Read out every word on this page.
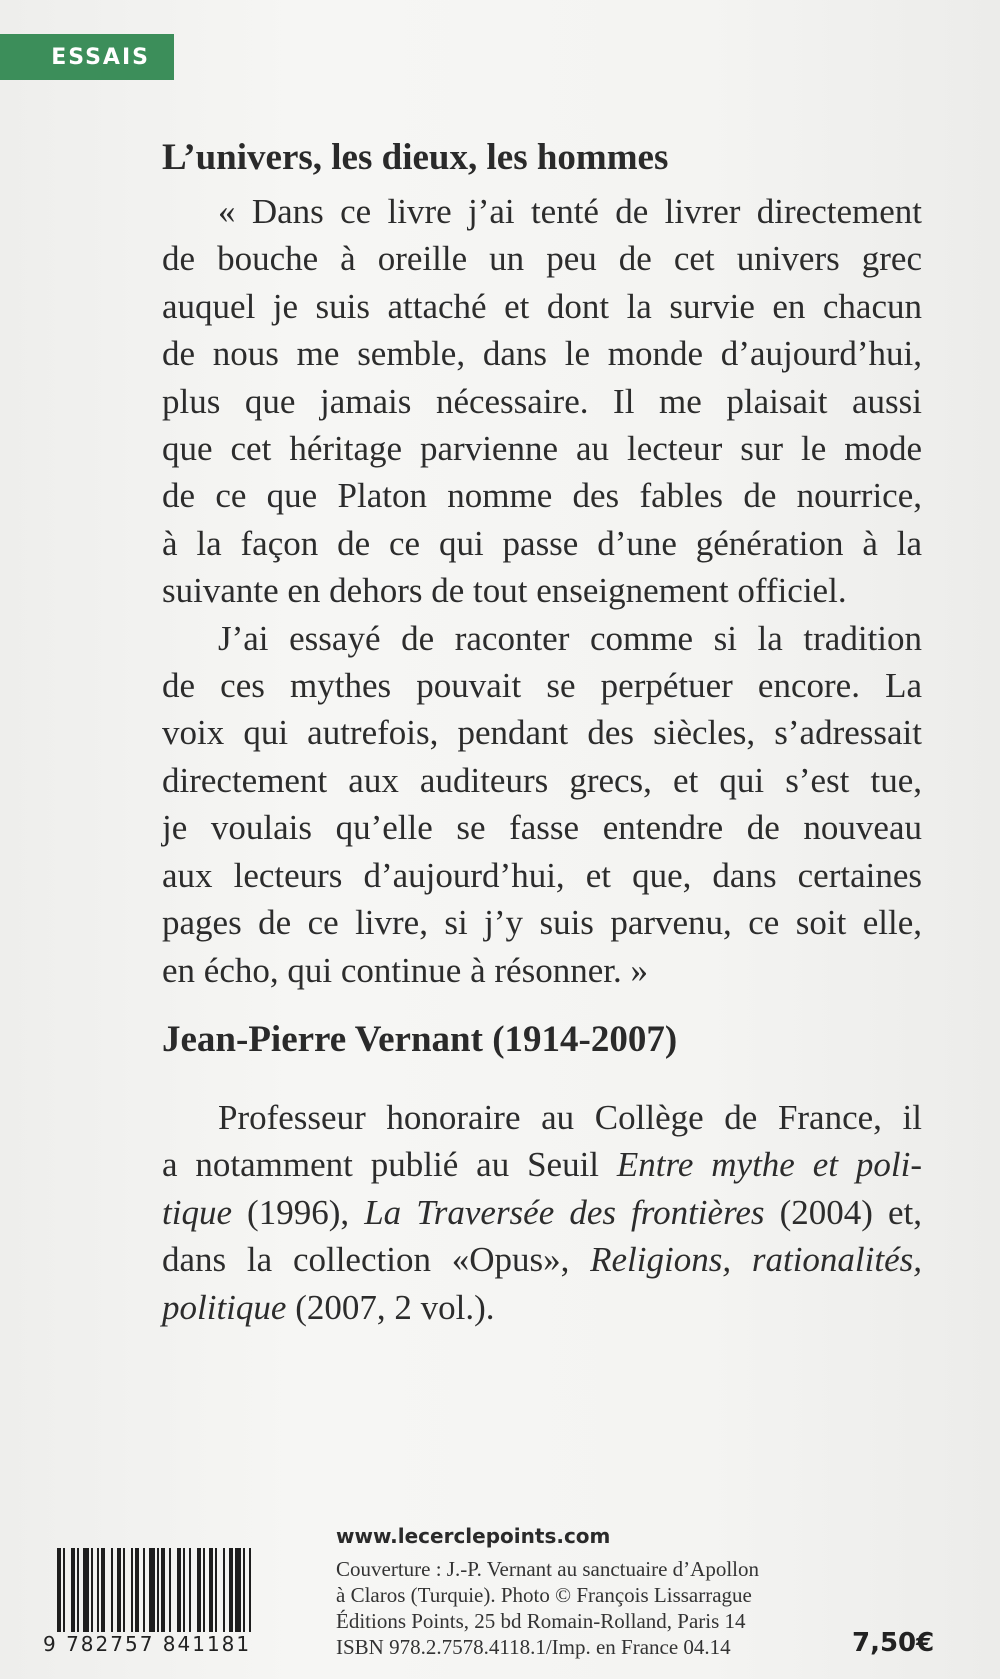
ESSAIS
L’univers, les dieux, les hommes
« Dans ce livre j’ai tenté de livrer directement
de bouche à oreille un peu de cet univers grec
auquel je suis attaché et dont la survie en chacun
de nous me semble, dans le monde d’aujourd’hui,
plus que jamais nécessaire. Il me plaisait aussi
que cet héritage parvienne au lecteur sur le mode
de ce que Platon nomme des fables de nourrice,
à la façon de ce qui passe d’une génération à la
suivante en dehors de tout enseignement officiel.
J’ai essayé de raconter comme si la tradition
de ces mythes pouvait se perpétuer encore. La
voix qui autrefois, pendant des siècles, s’adressait
directement aux auditeurs grecs, et qui s’est tue,
je voulais qu’elle se fasse entendre de nouveau
aux lecteurs d’aujourd’hui, et que, dans certaines
pages de ce livre, si j’y suis parvenu, ce soit elle,
en écho, qui continue à résonner. »
Jean-Pierre Vernant (1914-2007)
Professeur honoraire au Collège de France, il
a notamment publié au Seuil Entre mythe et poli-
tique (1996), La Traversée des frontières (2004) et,
dans la collection «Opus», Religions, rationalités,
politique (2007, 2 vol.).

www.lecerclepoints.com

Couverture : J.-P. Vernant au sanctuaire d’Apollon
à Claros (Turquie). Photo © François Lissarrague
Éditions Points, 25 bd Romain-Rolland, Paris 14
ISBN 978.2.7578.4118.1/Imp. en France 04.14
9 782757 841181	7,50€
